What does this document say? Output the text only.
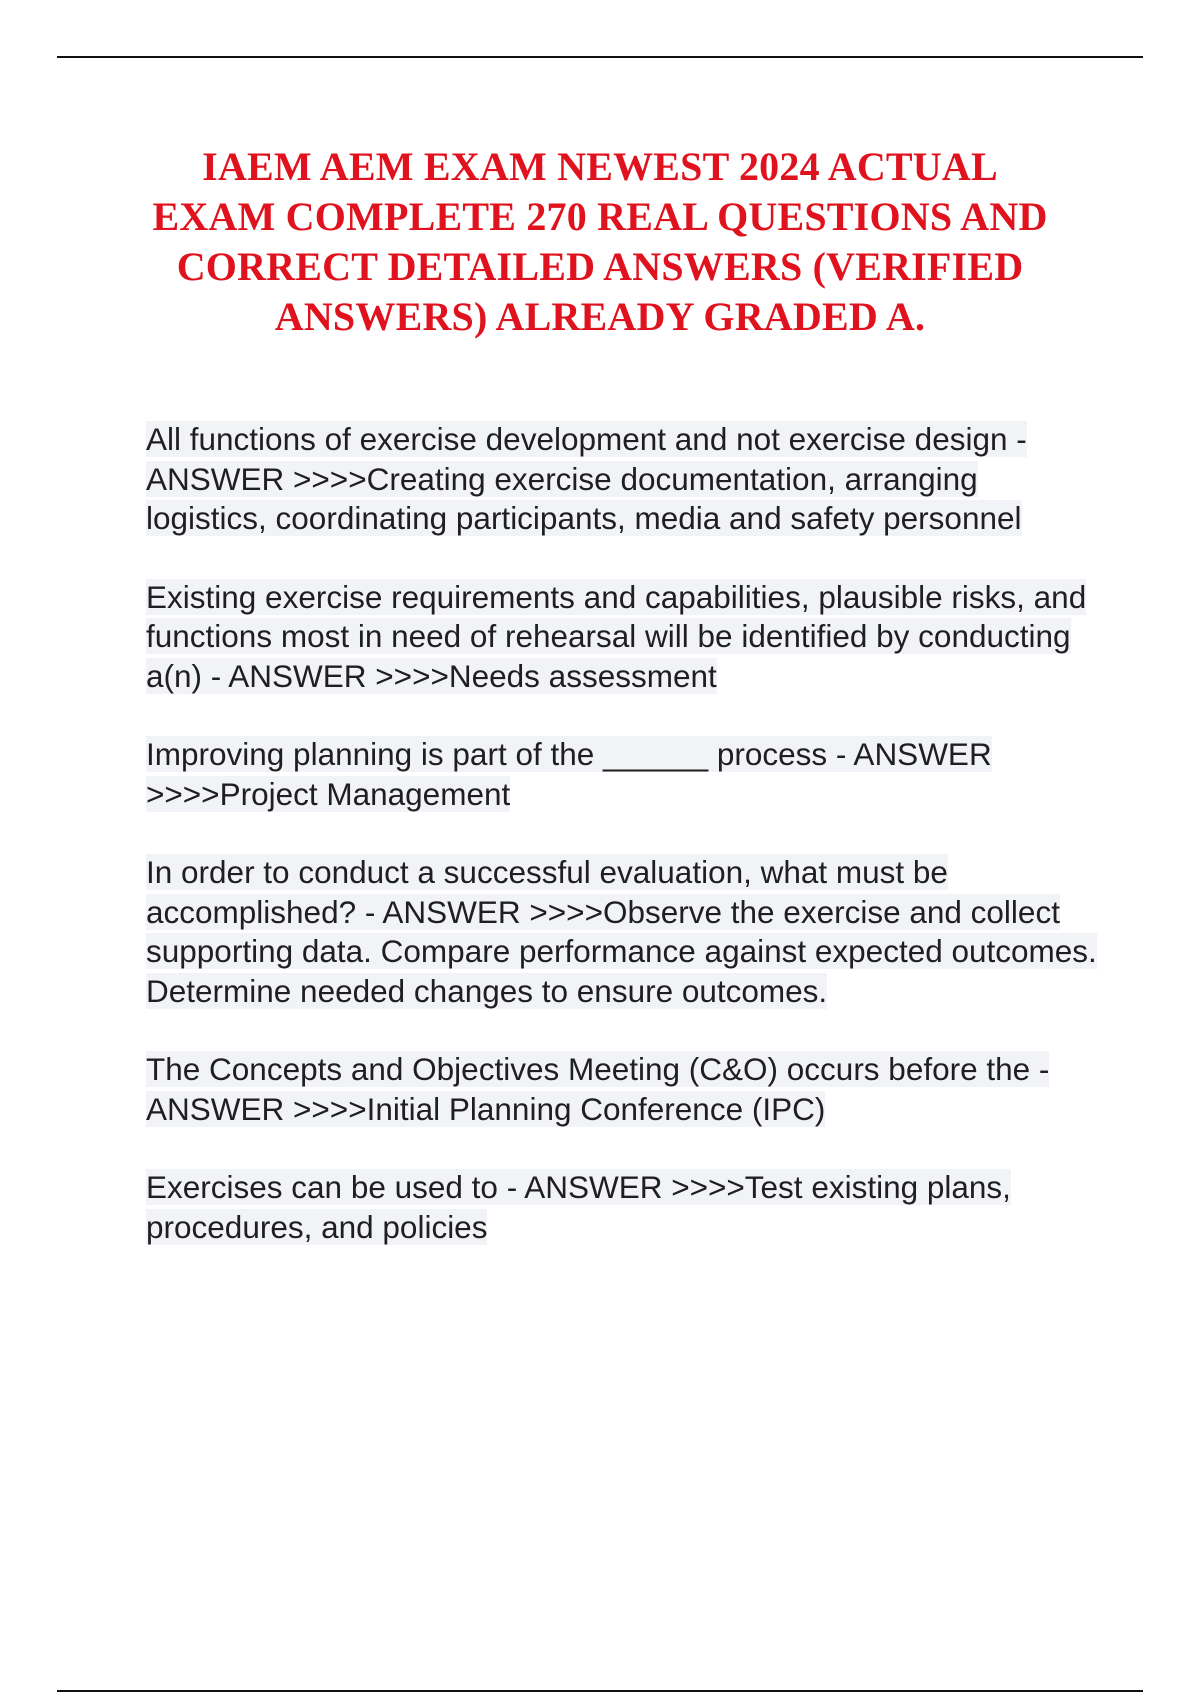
IAEM AEM EXAM NEWEST 2024 ACTUAL EXAM COMPLETE 270 REAL QUESTIONS AND CORRECT DETAILED ANSWERS (VERIFIED ANSWERS) ALREADY GRADED A.
All functions of exercise development and not exercise design - ANSWER >>>>Creating exercise documentation, arranging logistics, coordinating participants, media and safety personnel
Existing exercise requirements and capabilities, plausible risks, and functions most in need of rehearsal will be identified by conducting a(n) - ANSWER >>>>Needs assessment
Improving planning is part of the ______ process - ANSWER >>>>Project Management
In order to conduct a successful evaluation, what must be accomplished? - ANSWER >>>>Observe the exercise and collect supporting data. Compare performance against expected outcomes. Determine needed changes to ensure outcomes.
The Concepts and Objectives Meeting (C&O) occurs before the - ANSWER >>>>Initial Planning Conference (IPC)
Exercises can be used to - ANSWER >>>>Test existing plans, procedures, and policies
